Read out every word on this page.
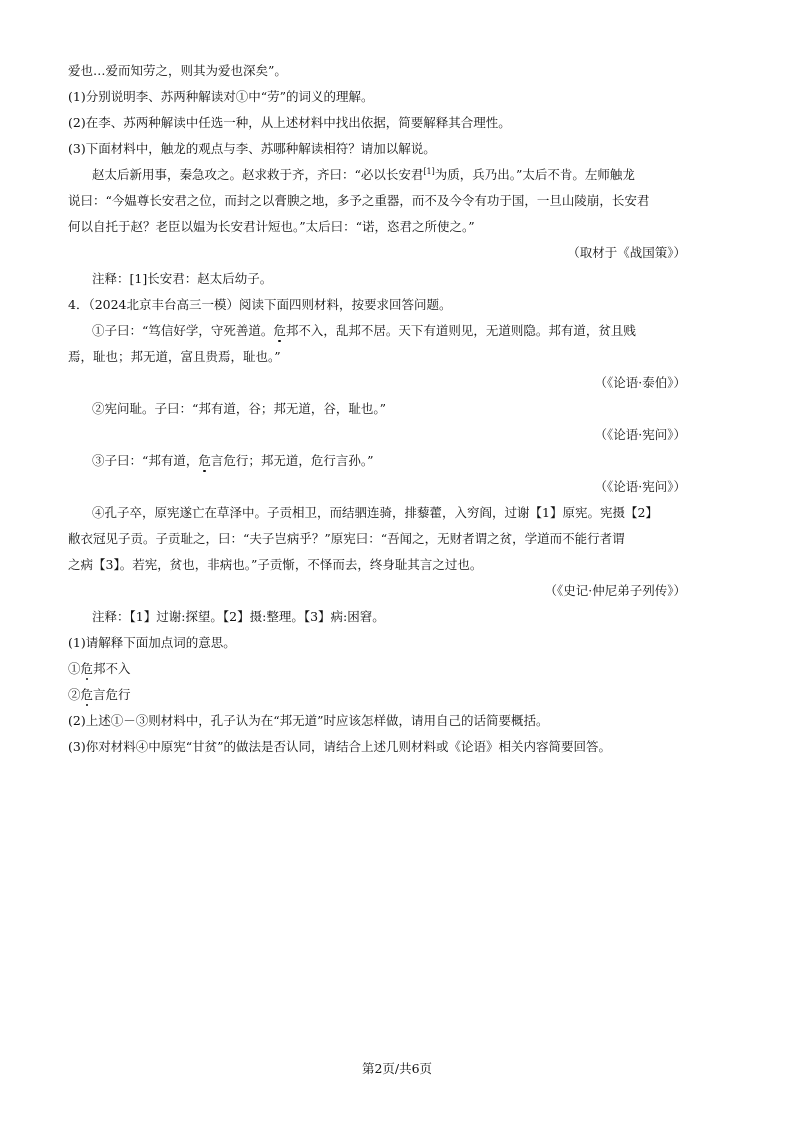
爱也…爱而知劳之，则其为爱也深矣”。
(1)分别说明李、苏两种解读对①中“劳”的词义的理解。
(2)在李、苏两种解读中任选一种，从上述材料中找出依据，简要解释其合理性。
(3)下面材料中，触龙的观点与李、苏哪种解读相符？请加以解说。
赵太后新用事，秦急攻之。赵求救于齐，齐曰：“必以长安君[1]为质，兵乃出。”太后不肯。左师触龙
说曰：“今媪尊长安君之位，而封之以膏腴之地，多予之重器，而不及今令有功于国，一旦山陵崩，长安君
何以自托于赵？老臣以媪为长安君计短也。”太后曰：“诺，恣君之所使之。”
（取材于《战国策》）
注释：[1]长安君：赵太后幼子。
4．（2024北京丰台高三一模）阅读下面四则材料，按要求回答问题。
①子曰：“笃信好学，守死善道。危邦不入，乱邦不居。天下有道则见，无道则隐。邦有道，贫且贱
焉，耻也；邦无道，富且贵焉，耻也。”
（《论语·泰伯》）
②宪问耻。子曰：“邦有道，谷；邦无道，谷，耻也。”
（《论语·宪问》）
③子曰：“邦有道，危言危行；邦无道，危行言孙。”
（《论语·宪问》）
④孔子卒，原宪遂亡在草泽中。子贡相卫，而结驷连骑，排藜藿，入穷阎，过谢【1】原宪。宪摄【2】
敝衣冠见子贡。子贡耻之，曰：“夫子岂病乎？”原宪曰：“吾闻之，无财者谓之贫，学道而不能行者谓
之病【3】。若宪，贫也，非病也。”子贡惭，不怿而去，终身耻其言之过也。
（《史记·仲尼弟子列传》）
注释：【1】过谢:探望。【2】摄:整理。【3】病:困窘。
(1)请解释下面加点词的意思。
①危邦不入
②危言危行
(2)上述①－③则材料中，孔子认为在“邦无道”时应该怎样做，请用自己的话简要概括。
(3)你对材料④中原宪“甘贫”的做法是否认同，请结合上述几则材料或《论语》相关内容简要回答。
第2页/共6页
